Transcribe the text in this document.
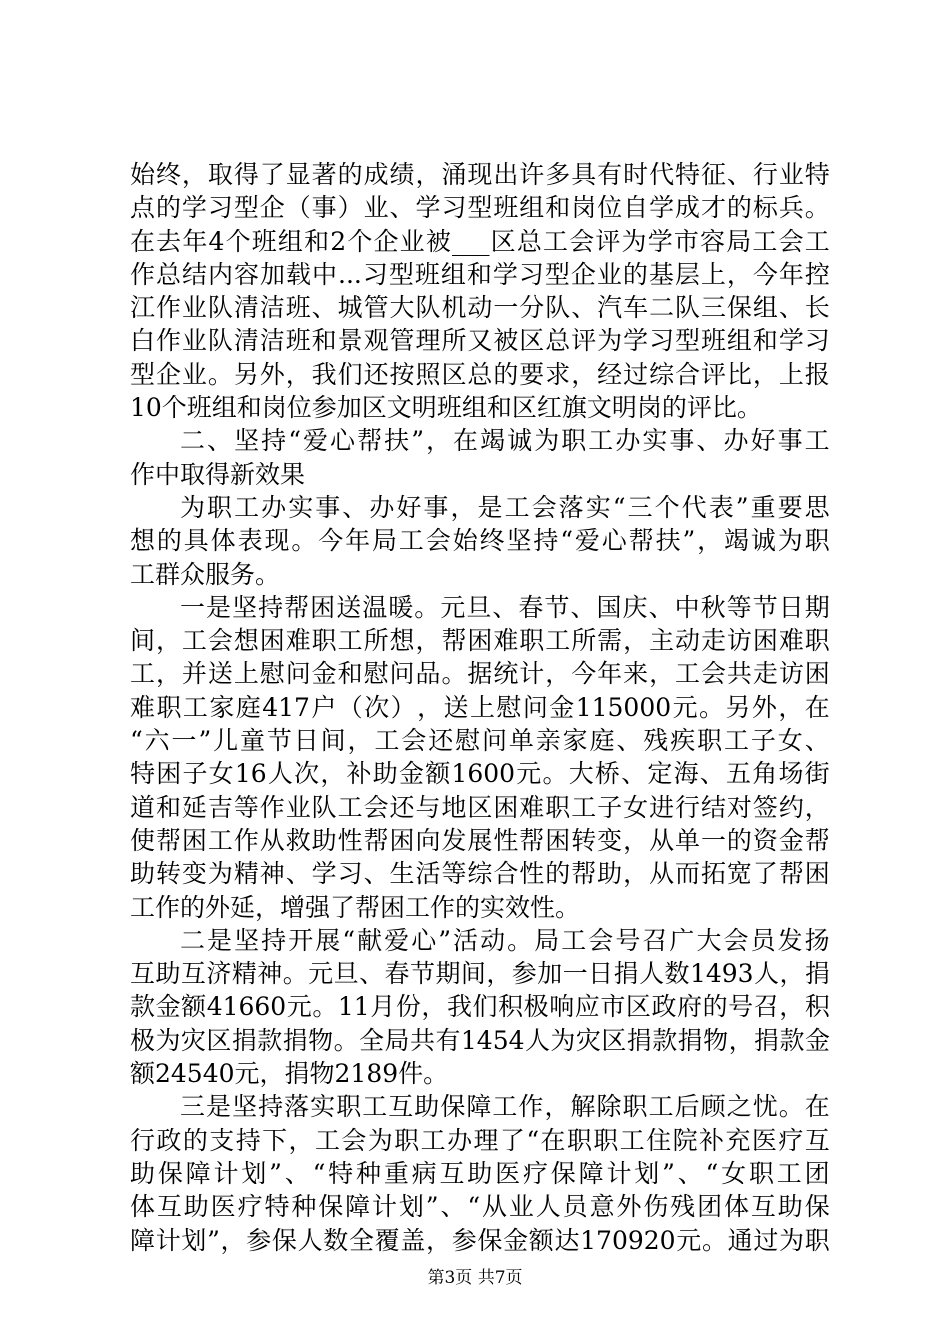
始 终 ， 取 得 了 显 著 的 成 绩 ， 涌 现 出 许 多 具 有 时 代 特 征 、 行 业 特
点 的 学 习 型 企 （ 事 ） 业 、 学 习 型 班 组 和 岗 位 自 学 成 才 的 标 兵 。
在 去 年 4 个 班 组 和 2 个 企 业 被 ___ 区 总 工 会 评 为 学 市 容 局 工 会 工
作 总 结 内 容 加 载 中 ... 习 型 班 组 和 学 习 型 企 业 的 基 层 上 ， 今 年 控
江 作 业 队 清 洁 班 、 城 管 大 队 机 动 一 分 队 、 汽 车 二 队 三 保 组 、 长
白 作 业 队 清 洁 班 和 景 观 管 理 所 又 被 区 总 评 为 学 习 型 班 组 和 学 习
型 企 业 。 另 外 ， 我 们 还 按 照 区 总 的 要 求 ， 经 过 综 合 评 比 ， 上 报
10个班组和岗位参加区文明班组和区红旗文明岗的评比。
二 、 坚 持 “ 爱 心 帮 扶 ” ， 在 竭 诚 为 职 工 办 实 事 、 办 好 事 工
作中取得新效果
为 职 工 办 实 事 、 办 好 事 ， 是 工 会 落 实 “ 三 个 代 表 ” 重 要 思
想 的 具 体 表 现 。 今 年 局 工 会 始 终 坚 持 “ 爱 心 帮 扶 ” ， 竭 诚 为 职
工群众服务。
一 是 坚 持 帮 困 送 温 暖 。 元 旦 、 春 节 、 国 庆 、 中 秋 等 节 日 期
间 ， 工 会 想 困 难 职 工 所 想 ， 帮 困 难 职 工 所 需 ， 主 动 走 访 困 难 职
工 ， 并 送 上 慰 问 金 和 慰 问 品 。 据 统 计 ， 今 年 来 ， 工 会 共 走 访 困
难 职 工 家 庭 417 户 （ 次 ） ， 送 上 慰 问 金 115000 元 。 另 外 ， 在
“ 六 一 ” 儿 童 节 日 间 ， 工 会 还 慰 问 单 亲 家 庭 、 残 疾 职 工 子 女 、
特 困 子 女 16 人 次 ， 补 助 金 额 1600 元 。 大 桥 、 定 海 、 五 角 场 街
道 和 延 吉 等 作 业 队 工 会 还 与 地 区 困 难 职 工 子 女 进 行 结 对 签 约 ，
使 帮 困 工 作 从 救 助 性 帮 困 向 发 展 性 帮 困 转 变 ， 从 单 一 的 资 金 帮
助 转 变 为 精 神 、 学 习 、 生 活 等 综 合 性 的 帮 助 ， 从 而 拓 宽 了 帮 困
工作的外延，增强了帮困工作的实效性。
二 是 坚 持 开 展 “ 献 爱 心 ” 活 动 。 局 工 会 号 召 广 大 会 员 发 扬
互 助 互 济 精 神 。 元 旦 、 春 节 期 间 ， 参 加 一 日 捐 人 数 1493 人 ， 捐
款 金 额 41660 元 。 11 月 份 ， 我 们 积 极 响 应 市 区 政 府 的 号 召 ， 积
极 为 灾 区 捐 款 捐 物 。 全 局 共 有 1454 人 为 灾 区 捐 款 捐 物 ， 捐 款 金
额24540元，捐物2189件。
三 是 坚 持 落 实 职 工 互 助 保 障 工 作 ， 解 除 职 工 后 顾 之 忧 。 在
行 政 的 支 持 下 ， 工 会 为 职 工 办 理 了 “ 在 职 职 工 住 院 补 充 医 疗 互
助 保 障 计 划 ” 、 “ 特 种 重 病 互 助 医 疗 保 障 计 划 ” 、 “ 女 职 工 团
体 互 助 医 疗 特 种 保 障 计 划 ” 、 “ 从 业 人 员 意 外 伤 残 团 体 互 助 保
障 计 划 ” ， 参 保 人 数 全 覆 盖 ， 参 保 金 额 达 170920 元 。 通 过 为 职
第3页 共7页
